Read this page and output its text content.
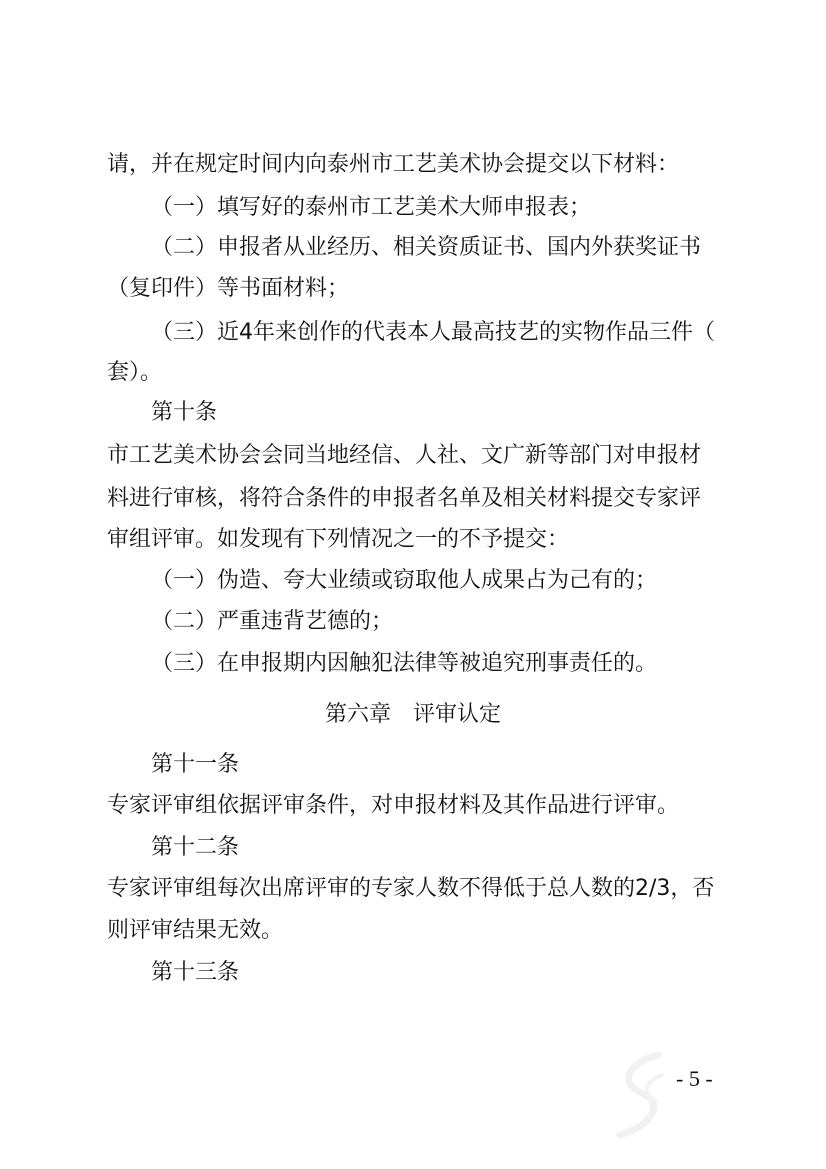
请，并在规定时间内向泰州市工艺美术协会提交以下材料：
（一）填写好的泰州市工艺美术大师申报表；
（二）申报者从业经历、相关资质证书、国内外获奖证书
（复印件）等书面材料；
（三）近4年来创作的代表本人最高技艺的实物作品三件（
套）。
第十条
市工艺美术协会会同当地经信、人社、文广新等部门对申报材
料进行审核，将符合条件的申报者名单及相关材料提交专家评
审组评审。如发现有下列情况之一的不予提交：
（一）伪造、夸大业绩或窃取他人成果占为己有的；
（二）严重违背艺德的；
（三）在申报期内因触犯法律等被追究刑事责任的。
第六章　评审认定
第十一条
专家评审组依据评审条件，对申报材料及其作品进行评审。
第十二条
专家评审组每次出席评审的专家人数不得低于总人数的2/3，否
则评审结果无效。
第十三条
- 5 -
